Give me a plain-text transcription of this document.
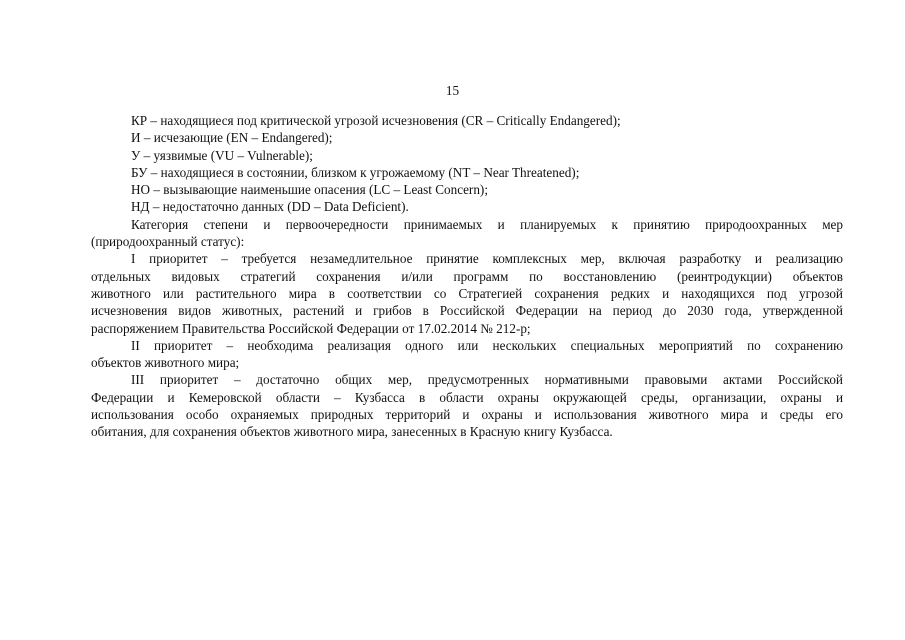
15
КР – находящиеся под критической угрозой исчезновения (CR – Critically Endangered);
И – исчезающие (EN – Endangered);
У – уязвимые (VU – Vulnerable);
БУ – находящиеся в состоянии, близком к угрожаемому (NT – Near Threatened);
НО – вызывающие наименьшие опасения (LC – Least Concern);
НД – недостаточно данных (DD – Data Deficient).
Категория степени и первоочередности принимаемых и планируемых к принятию природоохранных мер
(природоохранный статус):
I приоритет – требуется незамедлительное принятие комплексных мер, включая разработку и реализацию
отдельных видовых стратегий сохранения и/или программ по восстановлению (реинтродукции) объектов
животного или растительного мира в соответствии со Стратегией сохранения редких и находящихся под угрозой
исчезновения видов животных, растений и грибов в Российской Федерации на период до 2030 года, утвержденной
распоряжением Правительства Российской Федерации от 17.02.2014 № 212-р;
II приоритет – необходима реализация одного или нескольких специальных мероприятий по сохранению
объектов животного мира;
III приоритет – достаточно общих мер, предусмотренных нормативными правовыми актами Российской
Федерации и Кемеровской области – Кузбасса в области охраны окружающей среды, организации, охраны и
использования особо охраняемых природных территорий и охраны и использования животного мира и среды его
обитания, для сохранения объектов животного мира, занесенных в Красную книгу Кузбасса.
